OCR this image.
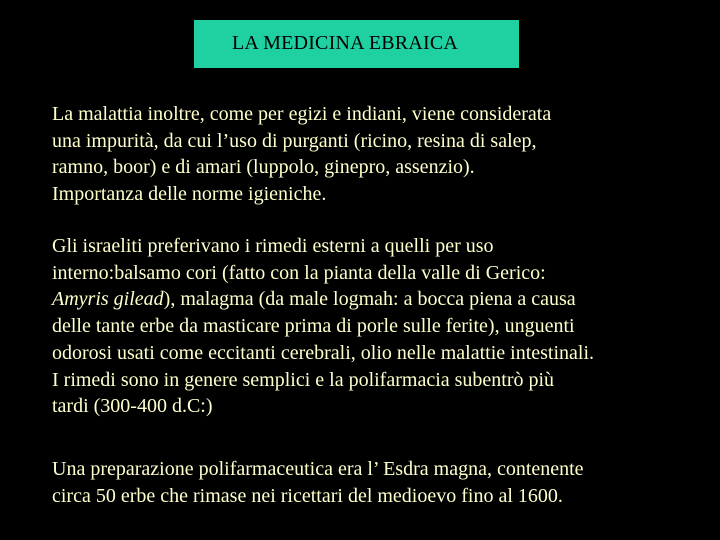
LA MEDICINA EBRAICA

La malattia inoltre, come per egizi e indiani, viene considerata
una impurità, da cui l’uso di purganti (ricino, resina di salep,
ramno, boor) e di amari (luppolo, ginepro, assenzio).
Importanza delle norme igieniche.

Gli israeliti preferivano i rimedi esterni a quelli per uso
interno:balsamo cori (fatto con la pianta della valle di Gerico:
Amyris gilead), malagma (da male logmah: a bocca piena a causa
delle tante erbe da masticare prima di porle sulle ferite), unguenti
odorosi usati come eccitanti cerebrali, olio nelle malattie intestinali.
I rimedi sono in genere semplici e la polifarmacia subentrò più
tardi (300-400 d.C:)

Una preparazione polifarmaceutica era l’ Esdra magna, contenente
circa 50 erbe che rimase nei ricettari del medioevo fino al 1600.
